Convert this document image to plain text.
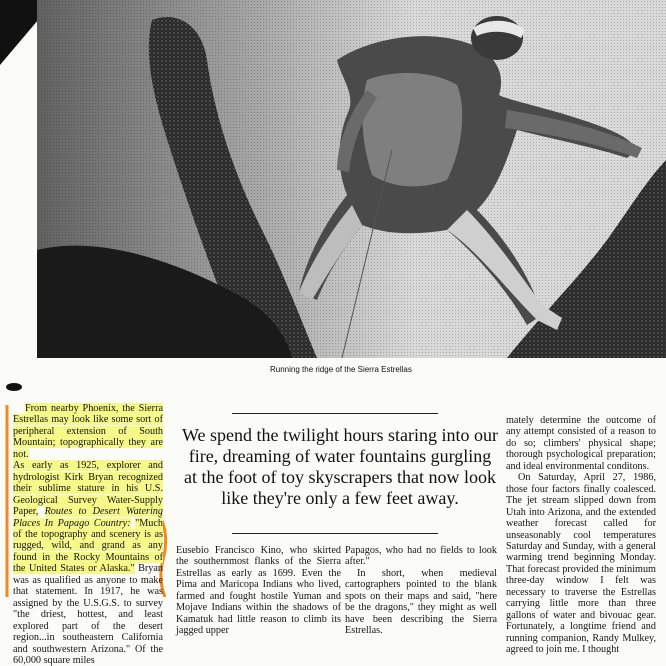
Running the ridge of the Sierra Estrellas

From nearby Phoenix, the Sierra Estrellas may look like some sort of peripheral extension of South Mountain; topographically they are not.

As early as 1925, explorer and hydrologist Kirk Bryan recognized their sublime stature in his U.S. Geological Survey Water-Supply Paper, Routes to Desert Watering Places In Papago Country: "Much of the topography and scenery is as rugged, wild, and grand as any found in the Rocky Mountains of the United States or Alaska." Bryan was as qualified as anyone to make that statement. In 1917, he was assigned by the U.S.G.S. to survey "the driest, hottest, and least explored part of the desert region...in southeastern California and southwestern Arizona." Of the 60,000 square miles

We spend the twilight hours staring into our fire, dreaming of water fountains gurgling at the foot of toy skyscrapers that now look like they're only a few feet away.

Eusebio Francisco Kino, who skirted the southernmost flanks of the Sierra Estrellas as early as 1699. Even the Pima and Maricopa Indians who lived, farmed and fought hostile Yuman and Mojave Indians within the shadows of Kamatuk had little reason to climb its jagged upper

Papagos, who had no fields to look after."

In short, when medieval cartographers pointed to the blank spots on their maps and said, "here be the dragons," they might as well have been describing the Sierra Estrellas.

mately determine the outcome of any attempt consisted of a reason to do so; climbers' physical shape; thorough psychological preparation; and ideal environmental conditons.

On Saturday, April 27, 1986, those four factors finally coalesced. The jet stream slipped down from Utah into Arizona, and the extended weather forecast called for unseasonably cool temperatures Saturday and Sunday, with a general warming trend beginning Monday. That forecast provided the minimum three-day window I felt was necessary to traverse the Estrellas carrying little more than three gallons of water and bivouac gear. Fortunately, a longtime friend and running companion, Randy Mulkey, agreed to join me. I thought
